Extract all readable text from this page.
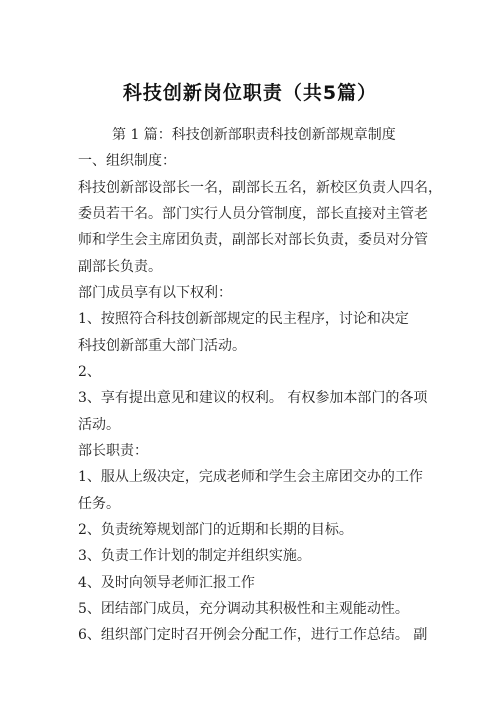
科技创新岗位职责（共5篇）
第 1 篇：科技创新部职责科技创新部规章制度
一、组织制度：
科技创新部设部长一名，副部长五名，新校区负责人四名，
委员若干名。部门实行人员分管制度，部长直接对主管老
师和学生会主席团负责，副部长对部长负责，委员对分管
副部长负责。
部门成员享有以下权利：
1、按照符合科技创新部规定的民主程序，讨论和决定
科技创新部重大部门活动。
2、
3、享有提出意见和建议的权利。 有权参加本部门的各项
活动。
部长职责：
1、服从上级决定，完成老师和学生会主席团交办的工作
任务。
2、负责统筹规划部门的近期和长期的目标。
3、负责工作计划的制定并组织实施。
4、及时向领导老师汇报工作
5、团结部门成员，充分调动其积极性和主观能动性。
6、组织部门定时召开例会分配工作，进行工作总结。 副
